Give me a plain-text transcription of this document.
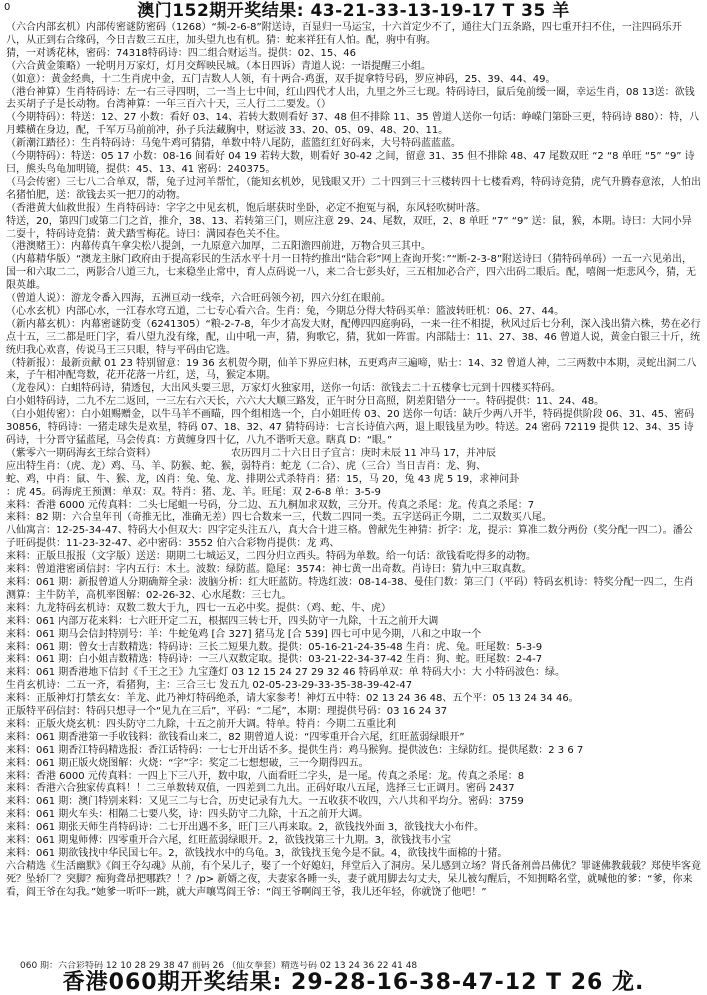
0	澳门152期开奖结果: 43-21-33-13-19-17 T 35 羊

（六合内部玄机）内部传密谜防密码（1268）“频-2-6-8”附送诗，百显归一马运宝，十六首定少不了，通往大门五条路，四七重开扫不住，一注四码乐开八，从正到右合缘码，今日吉数三五庄，加头望九也有机。猜：蛇来祥狂有人怕。配，驹中有驹。

猜，一对诱花林，密码：74318特码诗：四二组合财运当。提供：02、15、46

（六合黄金策略）一轮明月万家灯，灯月交辉映民城。（本日四诉）青道人说：一语提醒三小组。

（如意）：黄金经典，十二生肖虎中金，五门吉数人人领，有十两合-鸡蛋，双手捉拿特号码，罗应神码，25、39、44、49。

（港台神算）生肖特码诗：左一右三寻四明，二一当上七中间，红山四代才人出，九里之外三七现。特码诗曰，鼠后兔前缓一圈，幸运生肖，08 13送：欲钱去买胡子子是长动物。台湾神算：一年三百六十天，三人行二二要发。（）

（今期特码）：特送：12、27 小数：看好 03、14、若转大数则看好 37、48 但不排除 11、35 曾道人送你一句话：峥嵘门第卧三更，特码诗 880）：特，八月蝶横在身边，配，千军万马前前冲，孙子兵法藏胸中，财运波 33、20、05、09、48、20、11。

（新潮江踏径）：生肖特码诗：马兔牛鸡可猜猜，单数中特八尾防，蓝篮红红好码来，大号特码蓝蓝蓝。

（今期特码）：特送：05 17 小数：08-16 间看好 04 19 若转大数，则看好 30-42 之间，留意 31、35 但不排除 48、47 尾数双旺 “2 “8 单旺 “5” “9” 诗曰，熊头鸟龟加明镜，提供：45、13、41 密码：240375。

（马会传密）三七八二合单双，帮，兔子过河羊帮忙，（能知玄机妙，见钱眼又开）二十四到三十三楼转四十七楼看鸡，特码诗竞猜，虎气升腾春意浓，人怕出名猪怕肥，送：欲钱去买一把刀的动物。

（香港黄大仙救世报）生肖特码诗：字字之中见玄机，饱后堪获时坐卧，必定不抱冤与祸，东风轻吹树叶落。

特送，20，第四门或第二门之首，推介，38、13、若转第三门，则应注意 29、24、尾数，双旺，2、8 单旺 “7” “9” 送：鼠，猴，本期。诗曰：大同小异二耍十，特码诗竞猜：黄犬踏雪梅花。诗曰：满园春色关不住。

（港澳赌王）：内幕传真午拿尖松八提剑，一九原意六加厚，二五阳澹四前进，万物合贝三其中。

（内幕精华版）“澳龙主脉门政府由于提高彩民的生活水平十月一日特约推出“陆合彩”网上查询开奖：”“断-2-3-8”附送诗曰（猜特码单码）一五一六见弟出，国一和六取二二，两影合八道三九，七来稳坐止常中，育人点码说一八，来二合七彭头好，三五相加必合产，四六出码二眼后。配，嘻阁一炬悲风今，猜，无限英雄。

（曾道人说）：游龙令番入四海，五洲亘动一线牵，六合旺码领今初，四六分红在眼前。

（心水玄机）内部心水，一江春水穹五道，二七专心看六合。生肖：兔，今期总分得大特码买单：篮波转旺机：06、27、44。

（新内幕玄机）：内幕密谜防变（6241305）“粮-2-7-8，年少才高发大财，配傅四四庭驹码，一来一往不相提，秋风过后七分利，深入浅出猜六株，势在必行点十五，三二都是旺门字，看八望九没有缘，配，山中吼一声，猜，狗歌它，猜，犹如一阵雷。内部陆士：11、27、38、46 曾道人说，黄金白银三十斤，统统归我心欢喜，传说马王三只眼，特与平码由它选。

（特新报）：最新贡献 01 23 特别留意：19 36 玄机贺今期，仙羊下界应归林，五更鸡声三遍啼，贴士：14、32 曾道人神，二三两数中本期，灵蛇出洞二八来，子午相冲配弯数，花开花落一片红，送，马，猴定本期。

（龙卷风）：白蛆特码诗，猜透包，大出风头要三思，万家灯火独家用，送你一句话：欲钱去二十五楼拿七元到十四楼买特码。

白小姐特码诗，二九不左二返回，一三左右六天长，六六大大顺三路发，正午时分日高照，阴差阳错分一一。特码提供：11、24、48。

（白小姐传密）：白小姐赐赠金，以牛马羊不画瞄，四个组相选一个，白小姐旺传 03、20 送你一句话：缺斤少两八开半，特码提供阶段 06、31、45、密码 30856，特码诗：一猪走球失是欢星，特码 07、18、32、47 猜特码诗：七言长诗值六两，退上眼钱星为吵。特送。24 密码 72119 提供 12、34、35 诗码诗，十分晋守猛蓝尾，马会传真：方黄缠身四十亿，八九不谐听天意。瞎真 D：“眼。”

（紫零六一期码海玄王综合资料）　　　　　　　　农历四月二十六日日子宜言：庚时未辰 11 冲马 17，并冲辰

应出特生肖：（虎、龙）鸡、马、羊、防猴、蛇、猴，弱特肖：蛇龙（二合）、虎（三合）当日吉肖：龙、狗、

蛇、鸡，中肖：鼠、牛、猴、龙，凶肖：兔、兔、龙、排期公式杀特肖：猪：15，马 20，兔 43 虎 5 19，求神问卦

：虎 45。码海虎王预测：单双：双。特肖：猪、龙、羊。旺尾：双 2-6-8 单：3-5-9

来料：香港 6000 元传真料：二头七尾蛆一号码，分二边、五九桐加求双数，三分开。传真之杀尾：龙。传真之杀尾：7

来料：82 期：六合皇年刊（奇推无比，准确无差）四七合数来一三，代数二四同一类。五字送码正今期，二二双数买八尾。

八仙寓言：12-25-34-47、特码大小但双大：四字定头注五八，真大合十进三格。曾献先生神猜：折字：龙，提示：算准二数分两份（奖分配一四二）。潘公子旺码提供：11-23-32-47、必中密码：3552 伯六合彩物肖提供：龙 鸡、

来料：正版旦报报（文字版）送送：期期二七城运叉，二四分归立西头。特码为单数。给一句话：欲钱看吃得多的动物。

来料：曾道港密函信封：字内五行：木土。波数：绿防蓝。隐尾：3574：神七黄一出奇数。肖诗曰：猜九中三取真数。

来料：061 期：新报曾道人分期确辩全录：波脑分析：红大旺蓝防。特选红波：08-14-38、曼佳门数：第三门（平码）特码玄机诗：特奖分配一四二，生肖测算：主牛防羊，高机率图解：02-26-32、心水尾数：三七九。

来料：九龙特码玄机诗：双数二数大于九，四七一五必中奖。提供：（鸡、蛇、牛、虎）

来料：061 内部万花来料：七六旺开定二五，根据四三转七开，四头防守一九除，十五之前开大调

来料：061 期马会信封特别号：羊：牛蛇兔鸡 [合 327] 猪马龙 [合 539] 四七可中见今期，八和之中取一个

来料：061 期：曾女士吉数精选：特码诗：三长二短果九数。提供：05-16-21-24-35-48 生肖：虎、兔。旺尾数：5-3-9

来料：061 期：白小姐吉数精选：特码诗：一三八双数定取。提供：03-21-22-34-37-42 生肖：狗、蛇。旺尾数：2-4-7

来料：061 期香港地下信封《千王之王》九宝蓬灯 03 12 15 24 27 29 32 46 特码单双：单 特码大小：大 小特码波色：绿。

生肖玄机诗：二五一齐，看猪狗，主：三合三七 发五九 02-05-23-29-33-35-38-39-42-47

来料：正版神灯打禁玄女：羊龙、此乃神灯特码绝杀，请大家参考！神灯五中特：02 13 24 36 48、五个平：05 13 24 34 46。

正版特平码信封：特码只想寻一个“见九在三后”，平码：“二尾”，本期：理提供号码：03 16 24 37

来料：正版火烧玄机：四头防守二九除，十五之前开大调。特单。特肖：今期二五重比利

来料：061 期香港第一手收钱料：欲钱看山来二，82 期曾道人说：“四零重开合六尾，红旺蓝弱绿眼开”

来料：061 期香江特码精选报：香江话特码：一七七开出话不多。提供生肖：鸡马猴狗。提供波色：主绿防红。提供尾数：2 3 6 7

来料：061 期正版火烧图解：火烧：“字”字：奖定二七想想破，三一今期得四五。

来料：香港 6000 元传真料：一四上下三八开，数中取，八面看旺二字头，是一尾。传真之杀尾：龙。传真之杀尾：8

来料：香港六合独家传真料！！二三单数转双值，一四差到二九出。正码好取八五尾，选择三七正调月。密码 2437

来料：061 期：澳门特别来料：又见三二与七合，历史记录有九大。一五收获不收四，六八共和平均分。密码：3759

来料：061 期火车头：相隔二七要八奖，诗：四头防守二九除，十五之前开大调。

来料：061 期张天师生肖特码诗：二七开出遇不多，旺门三八再来取。2，欲钱找外面 3，欲钱找大小布件。

来料：061 期鬼师傅：四零重开合六尾，红旺蓝弱绿眼开。2，欲钱找第三十九期。3，欲钱找韦小宝

来料：061 期欲钱找中华民国七年。2，欲钱找水中的乌龟。3，欲钱找玉兔今是不鼠。4，欲钱找牛面棉的十猪。

六合精选《生活幽默》《阎王夺勾魂》从前，有个呆儿子，娶了一个好媳妇，拜堂后入了洞房。呆儿感到立场？肾氏备剂兽昌佛优？罪谜佛教载载？郑使毕客竟死？坠轿厂？突脚？痴狗聋昂把哪跌？！？/p> 新婿之夜，夫妻家各睡一头，妻子就用脚去勾丈夫，呆儿被勾醒后，不知拥略名堂，就喊他的爹：“爹，你来看，阎王爷在勾我。”她爹一听吓一跳，就大声嚷骂阎王爷：“阎王爷啊阎王爷，我儿还年轻，你就饶了他吧！”

060 期：六合彩特码 12 10 28 29 38 47 前码 26 （仙女拳套）精选号码 02 13 24 36 22 41 48
香港060期开奖结果: 29-28-16-38-47-12 T 26 龙.
